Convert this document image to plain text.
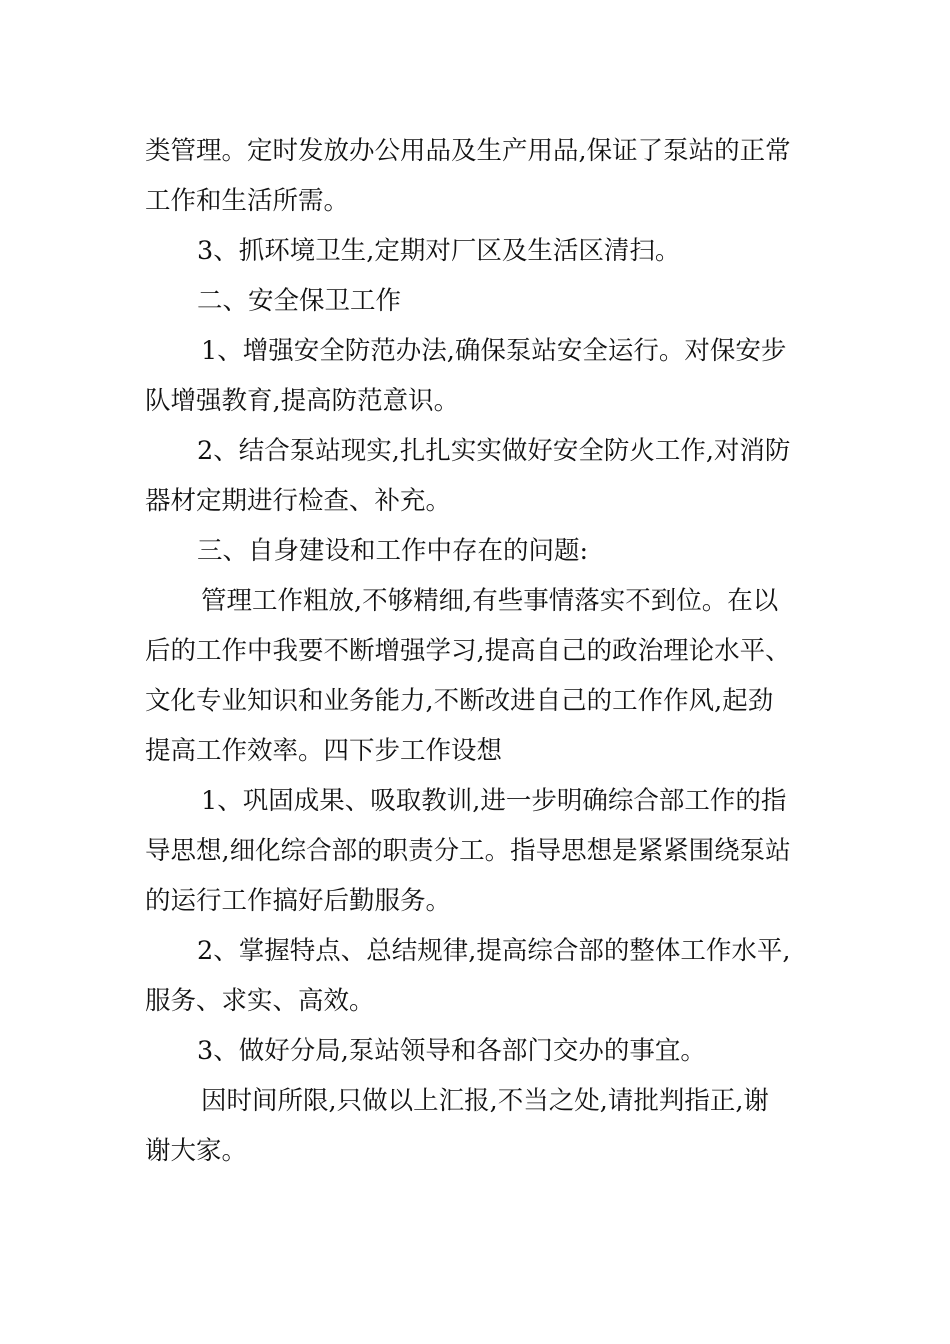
类管理。定时发放办公用品及生产用品,保证了泵站的正常
工作和生活所需。
3、抓环境卫生,定期对厂区及生活区清扫。
二、安全保卫工作
1、增强安全防范办法,确保泵站安全运行。对保安步
队增强教育,提高防范意识。
2、结合泵站现实,扎扎实实做好安全防火工作,对消防
器材定期进行检查、补充。
三、自身建设和工作中存在的问题:
管理工作粗放,不够精细,有些事情落实不到位。在以
后的工作中我要不断增强学习,提高自己的政治理论水平、
文化专业知识和业务能力,不断改进自己的工作作风,起劲
提高工作效率。四下步工作设想
1、巩固成果、吸取教训,进一步明确综合部工作的指
导思想,细化综合部的职责分工。指导思想是紧紧围绕泵站
的运行工作搞好后勤服务。
2、掌握特点、总结规律,提高综合部的整体工作水平,
服务、求实、高效。
3、做好分局,泵站领导和各部门交办的事宜。
因时间所限,只做以上汇报,不当之处,请批判指正,谢
谢大家。
